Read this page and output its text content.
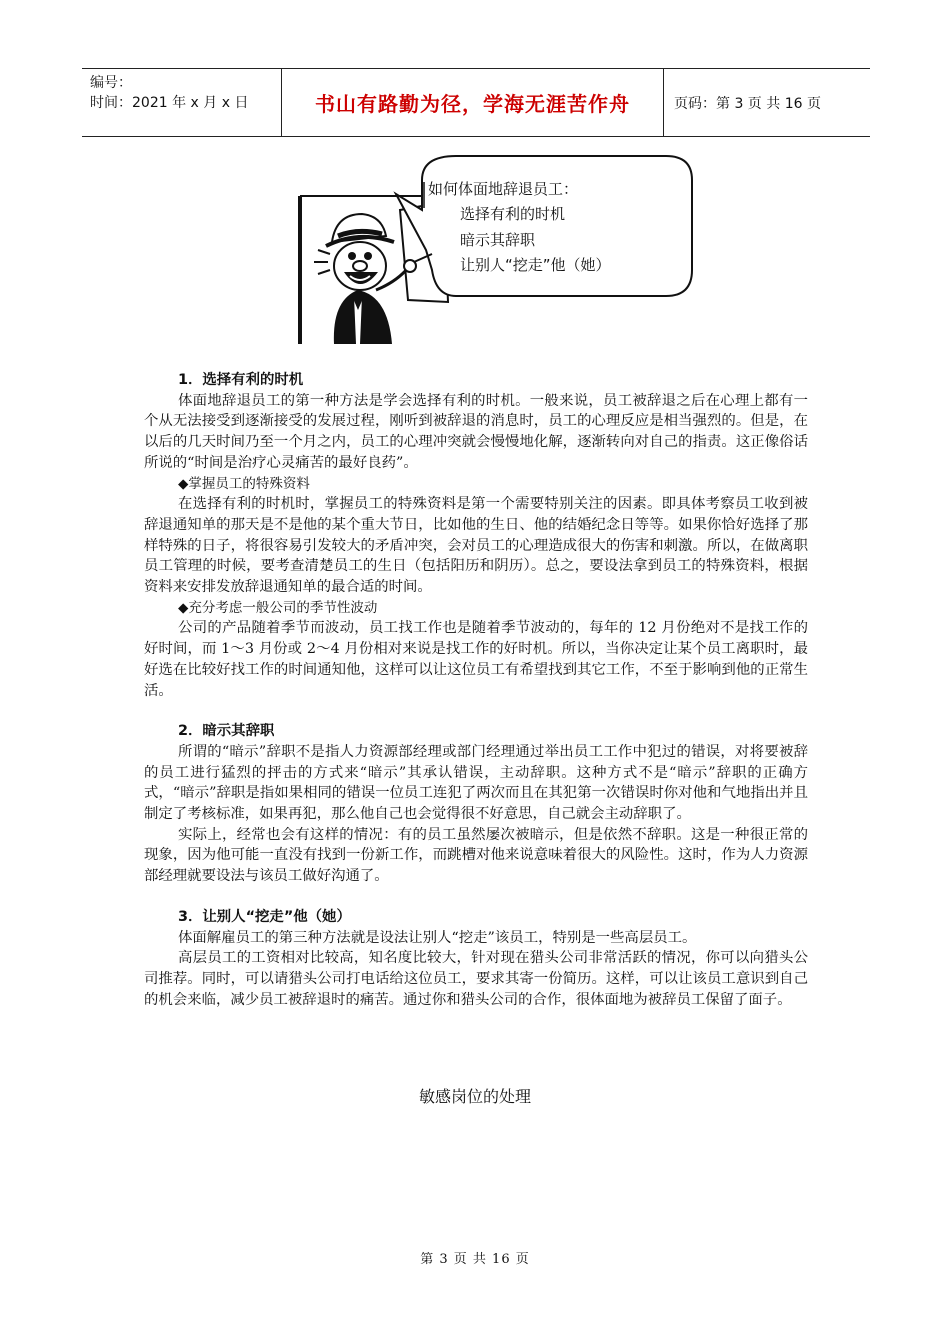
编号：
时间：2021 年 x 月 x 日	书山有路勤为径，学海无涯苦作舟	页码：第 3 页 共 16 页
如何体面地辞退员工：
选择有利的时机
暗示其辞职
让别人“挖走”他（她）

1．选择有利的时机

体面地辞退员工的第一种方法是学会选择有利的时机。一般来说，员工被辞退之后在心理上都有一个从无法接受到逐渐接受的发展过程，刚听到被辞退的消息时，员工的心理反应是相当强烈的。但是，在以后的几天时间乃至一个月之内，员工的心理冲突就会慢慢地化解，逐渐转向对自己的指责。这正像俗话所说的“时间是治疗心灵痛苦的最好良药”。

◆掌握员工的特殊资料

在选择有利的时机时，掌握员工的特殊资料是第一个需要特别关注的因素。即具体考察员工收到被辞退通知单的那天是不是他的某个重大节日，比如他的生日、他的结婚纪念日等等。如果你恰好选择了那样特殊的日子，将很容易引发较大的矛盾冲突，会对员工的心理造成很大的伤害和刺激。所以，在做离职员工管理的时候，要考查清楚员工的生日（包括阳历和阴历）。总之，要设法拿到员工的特殊资料，根据资料来安排发放辞退通知单的最合适的时间。

◆充分考虑一般公司的季节性波动

公司的产品随着季节而波动，员工找工作也是随着季节波动的，每年的 12 月份绝对不是找工作的好时间，而 1～3 月份或 2～4 月份相对来说是找工作的好时机。所以，当你决定让某个员工离职时，最好选在比较好找工作的时间通知他，这样可以让这位员工有希望找到其它工作，不至于影响到他的正常生活。

2．暗示其辞职

所谓的“暗示”辞职不是指人力资源部经理或部门经理通过举出员工工作中犯过的错误，对将要被辞的员工进行猛烈的抨击的方式来“暗示”其承认错误，主动辞职。这种方式不是“暗示”辞职的正确方式，“暗示”辞职是指如果相同的错误一位员工连犯了两次而且在其犯第一次错误时你对他和气地指出并且制定了考核标准，如果再犯，那么他自己也会觉得很不好意思，自己就会主动辞职了。

实际上，经常也会有这样的情况：有的员工虽然屡次被暗示，但是依然不辞职。这是一种很正常的现象，因为他可能一直没有找到一份新工作，而跳槽对他来说意味着很大的风险性。这时，作为人力资源部经理就要设法与该员工做好沟通了。

3．让别人“挖走”他（她）

体面解雇员工的第三种方法就是设法让别人“挖走”该员工，特别是一些高层员工。

高层员工的工资相对比较高，知名度比较大，针对现在猎头公司非常活跃的情况，你可以向猎头公司推荐。同时，可以请猎头公司打电话给这位员工，要求其寄一份简历。这样，可以让该员工意识到自己的机会来临，减少员工被辞退时的痛苦。通过你和猎头公司的合作，很体面地为被辞员工保留了面子。

敏感岗位的处理
第 3 页 共 16 页
